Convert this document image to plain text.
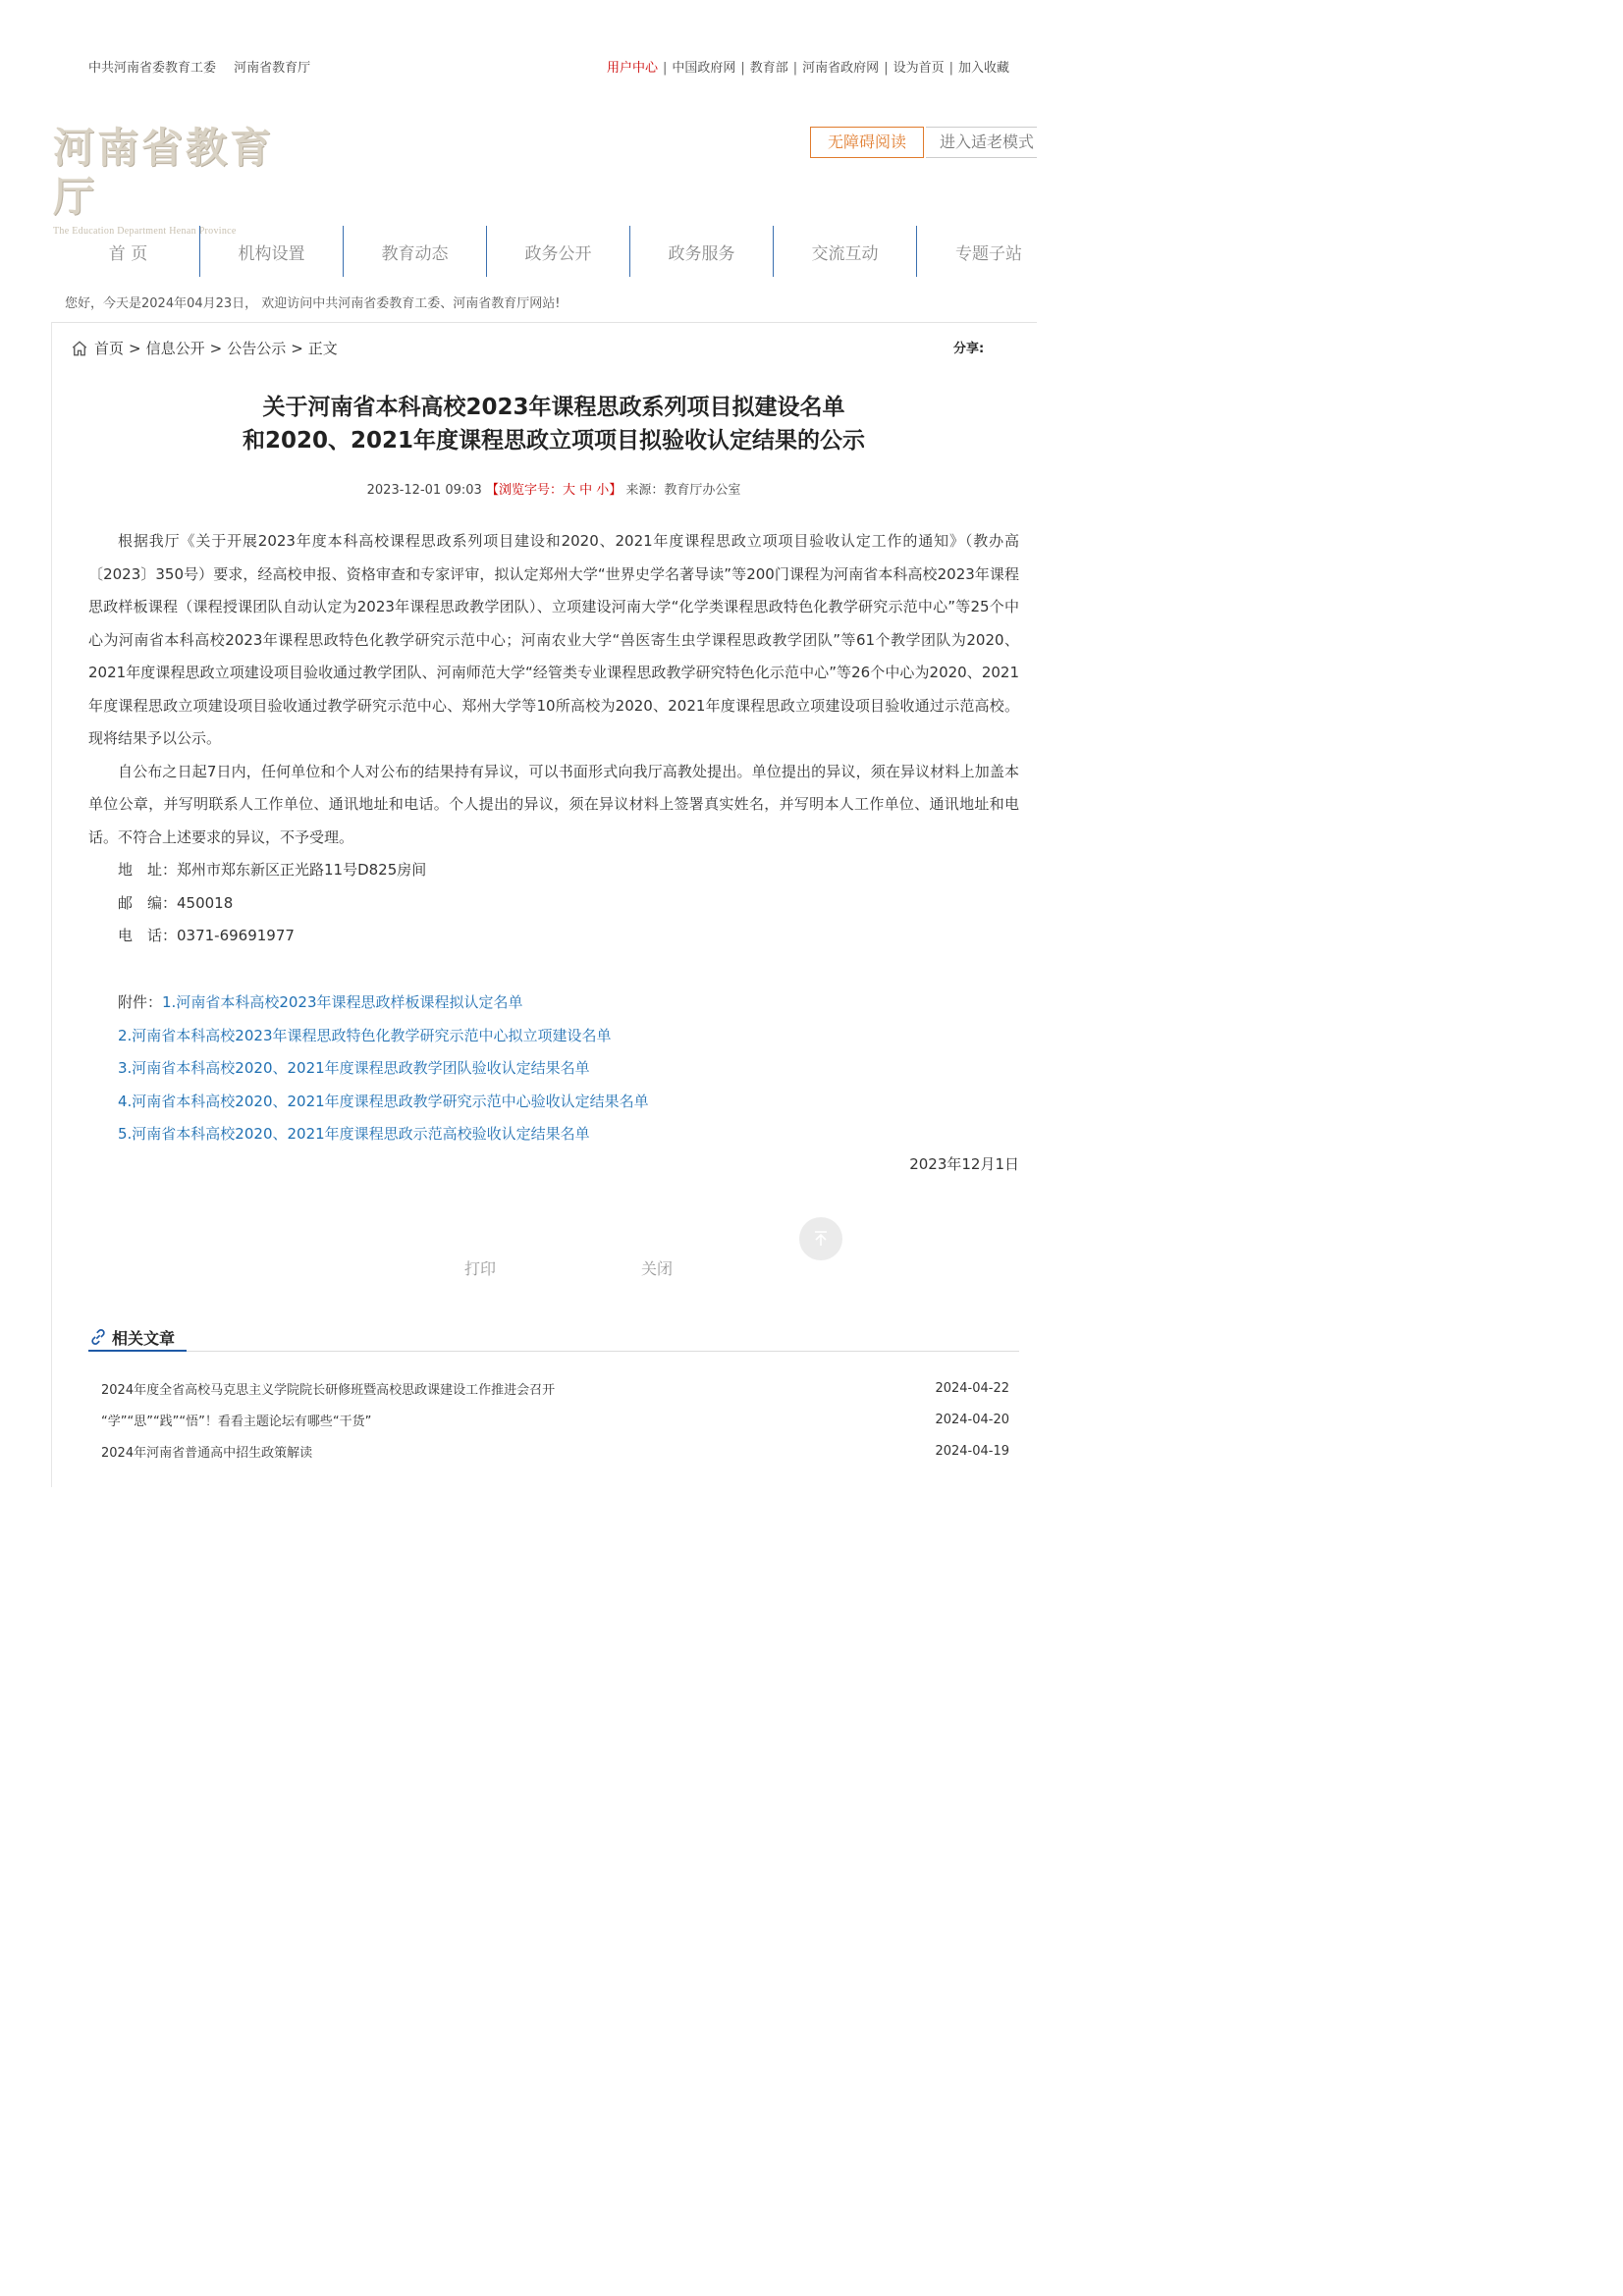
中共河南省委教育工委 河南省教育厅	用户中心 | 中国政府网 | 教育部 | 河南省政府网 | 设为首页 | 加入收藏
河南省教育厅
The Education Department Henan Province
无障碍阅读	进入适老模式
首 页	机构设置	教育动态	政务公开	政务服务	交流互动	专题子站
您好，今天是2024年04月23日， 欢迎访问中共河南省委教育工委、河南省教育厅网站!
首页 > 信息公开 > 公告公示 > 正文	分享:
关于河南省本科高校2023年课程思政系列项目拟建设名单
和2020、2021年度课程思政立项项目拟验收认定结果的公示
2023-12-01 09:03 【浏览字号：大 中 小】 来源：教育厅办公室

根据我厅《关于开展2023年度本科高校课程思政系列项目建设和2020、2021年度课程思政立项项目验收认定工作的通知》（教办高〔2023〕350号）要求，经高校申报、资格审查和专家评审，拟认定郑州大学“世界史学名著导读”等200门课程为河南省本科高校2023年课程思政样板课程（课程授课团队自动认定为2023年课程思政教学团队）、立项建设河南大学“化学类课程思政特色化教学研究示范中心”等25个中心为河南省本科高校2023年课程思政特色化教学研究示范中心；河南农业大学“兽医寄生虫学课程思政教学团队”等61个教学团队为2020、2021年度课程思政立项建设项目验收通过教学团队、河南师范大学“经管类专业课程思政教学研究特色化示范中心”等26个中心为2020、2021年度课程思政立项建设项目验收通过教学研究示范中心、郑州大学等10所高校为2020、2021年度课程思政立项建设项目验收通过示范高校。现将结果予以公示。

自公布之日起7日内，任何单位和个人对公布的结果持有异议，可以书面形式向我厅高教处提出。单位提出的异议，须在异议材料上加盖本单位公章，并写明联系人工作单位、通讯地址和电话。个人提出的异议，须在异议材料上签署真实姓名，并写明本人工作单位、通讯地址和电话。不符合上述要求的异议，不予受理。

地　址：郑州市郑东新区正光路11号D825房间
邮　编：450018
电　话：0371-69691977
附件：1.河南省本科高校2023年课程思政样板课程拟认定名单
2.河南省本科高校2023年课程思政特色化教学研究示范中心拟立项建设名单
3.河南省本科高校2020、2021年度课程思政教学团队验收认定结果名单
4.河南省本科高校2020、2021年度课程思政教学研究示范中心验收认定结果名单
5.河南省本科高校2020、2021年度课程思政示范高校验收认定结果名单
2023年12月1日
打印	关闭
相关文章
2024年度全省高校马克思主义学院院长研修班暨高校思政课建设工作推进会召开	2024-04-22
“学”“思”“践”“悟”！看看主题论坛有哪些“干货”	2024-04-20
2024年河南省普通高中招生政策解读	2024-04-19
